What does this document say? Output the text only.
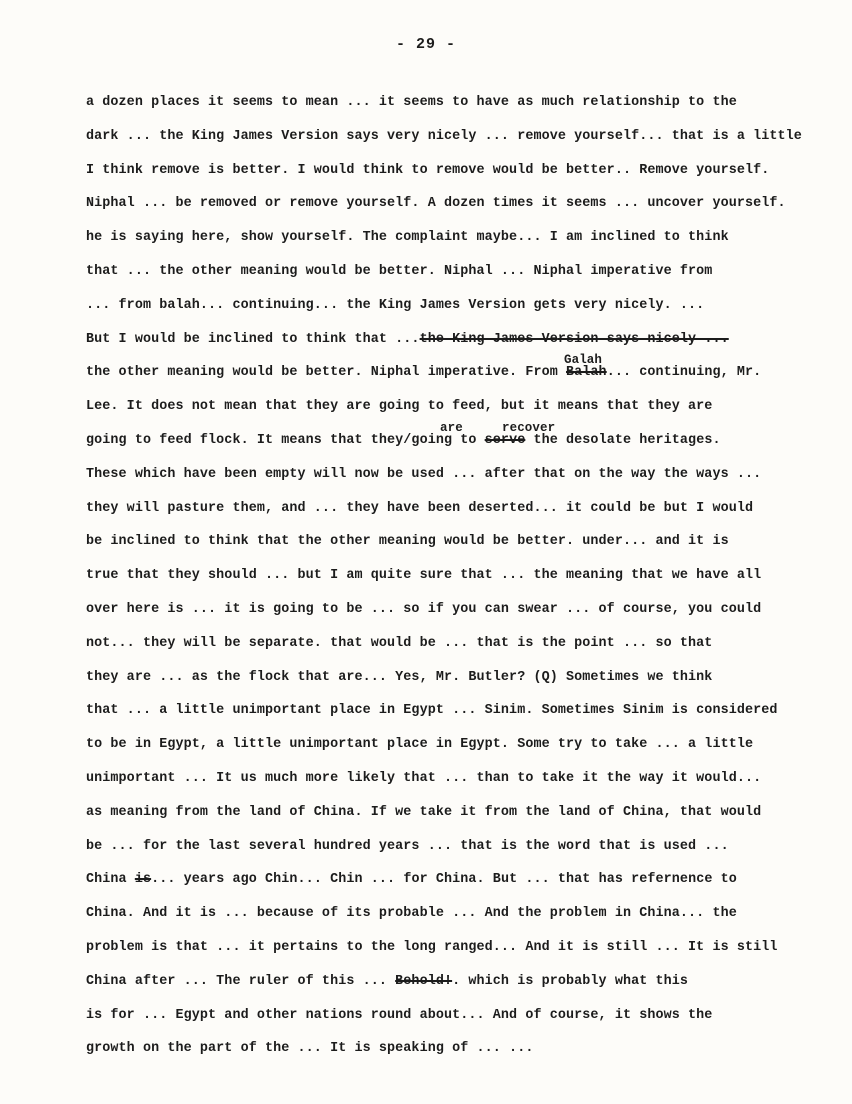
- 29 -
a dozen places it seems to mean ... it seems to have as much relationship to the
dark ... the King James Version says very nicely ... remove yourself... that is a little
I think remove is better. I would think to remove would be better.. Remove yourself.
Niphal ... be removed or remove yourself. A dozen times it seems ... uncover yourself.
he is saying here, show yourself. The complaint maybe... I am inclined to think
that ... the other meaning would be better. Niphal ... Niphal imperative from
... from balah... continuing... the King James Version gets very nicely. ...
But I would be inclined to think that ...the King James Version says nicely ...
Galah
the other meaning would be better. Niphal imperative. From Balah... continuing, Mr.
Lee. It does not mean that they are going to feed, but it means that they are
are	recover
going to feed flock. It means that they/going to serve the desolate heritages.
These which have been empty will now be used ... after that on the way the ways ...
they will pasture them, and ... they have been deserted... it could be but I would
be inclined to think that the other meaning would be better. under... and it is
true that they should ... but I am quite sure that ... the meaning that we have all
over here is ... it is going to be ... so if you can swear ... of course, you could
not... they will be separate. that would be ... that is the point ... so that
they are ... as the flock that are... Yes, Mr. Butler? (Q) Sometimes we think
that ... a little unimportant place in Egypt ... Sinim. Sometimes Sinim is considered
to be in Egypt, a little unimportant place in Egypt. Some try to take ... a little
unimportant ... It us much more likely that ... than to take it the way it would...
as meaning from the land of China. If we take it from the land of China, that would
be ... for the last several hundred years ... that is the word that is used ...
China is... years ago Chin... Chin ... for China. But ... that has refernence to
China. And it is ... because of its probable ... And the problem in China... the
problem is that ... it pertains to the long ranged... And it is still ... It is still
China after ... The ruler of this ... Behold!. which is probably what this
is for ... Egypt and other nations round about... And of course, it shows the
growth on the part of the ... It is speaking of ... ...
